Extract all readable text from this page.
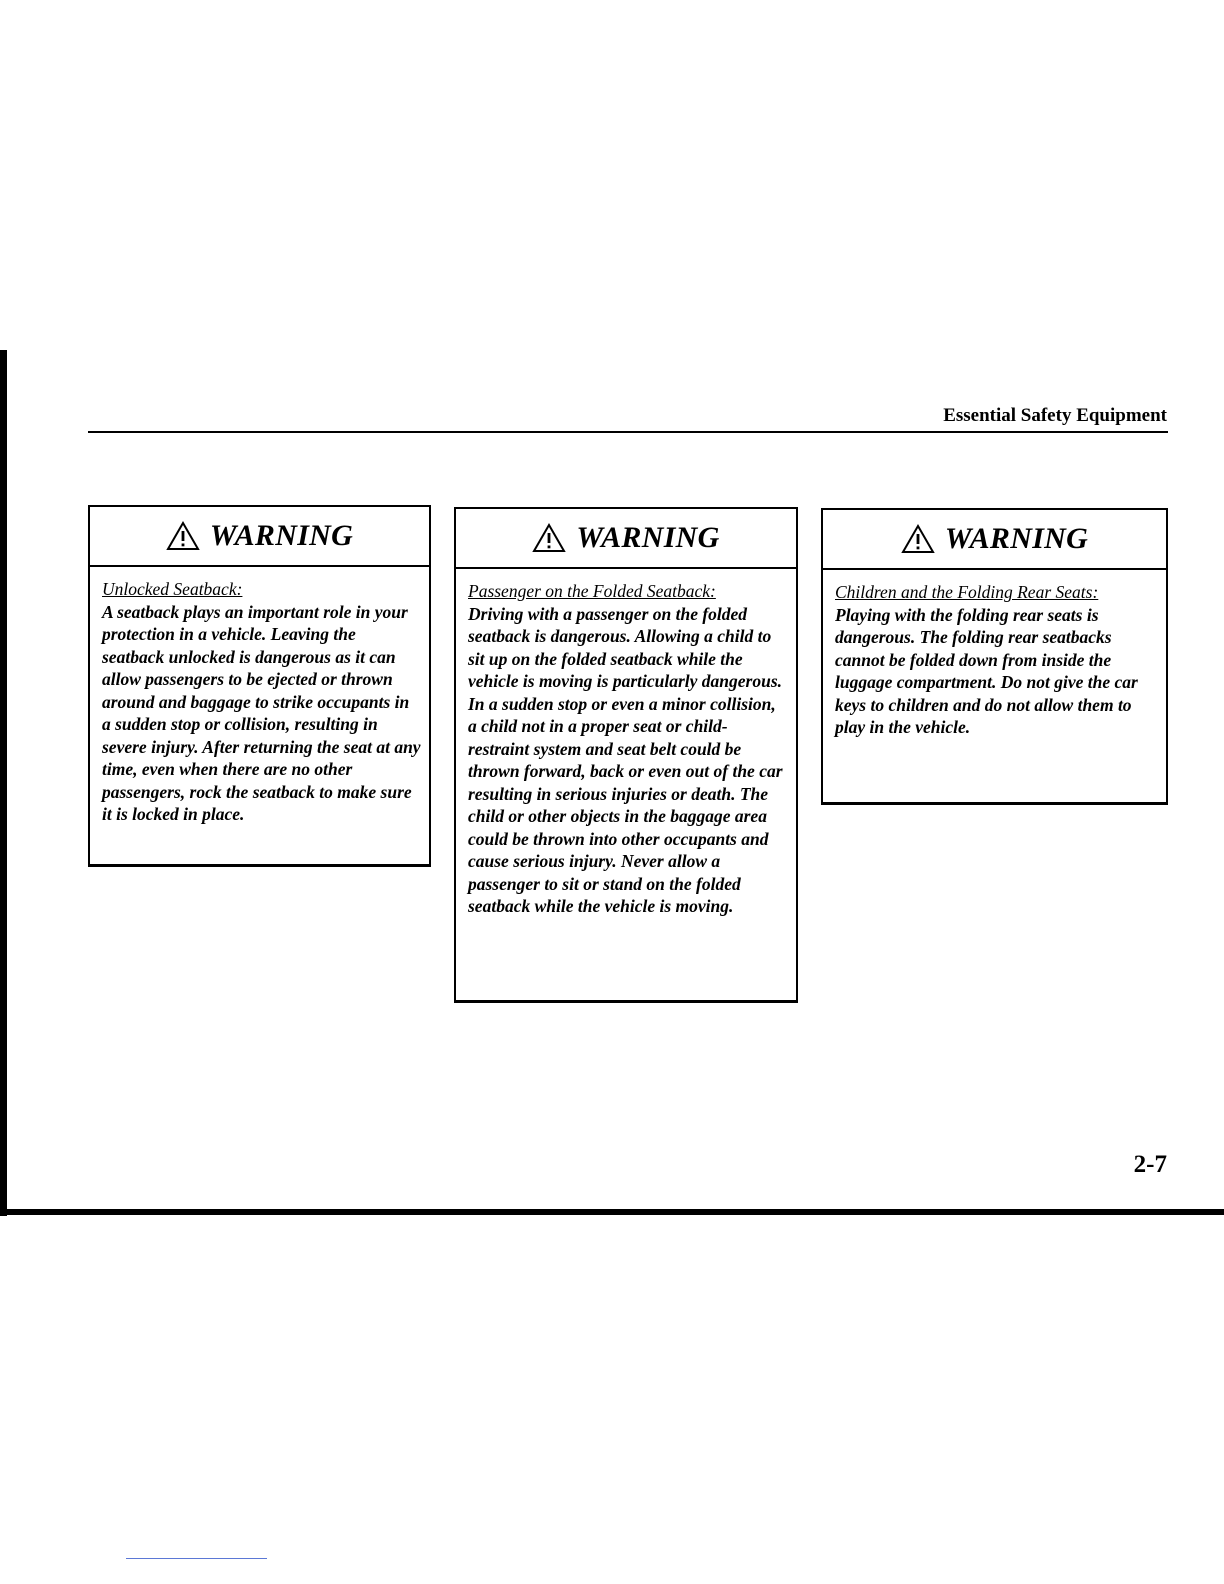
Essential Safety Equipment
WARNING
Unlocked Seatback:
A seatback plays an important role in your protection in a vehicle. Leaving the seatback unlocked is dangerous as it can allow passengers to be ejected or thrown around and baggage to strike occupants in a sudden stop or collision, resulting in severe injury. After returning the seat at any time, even when there are no other passengers, rock the seatback to make sure it is locked in place.
WARNING
Passenger on the Folded Seatback:
Driving with a passenger on the folded seatback is dangerous. Allowing a child to sit up on the folded seatback while the vehicle is moving is particularly dangerous. In a sudden stop or even a minor collision, a child not in a proper seat or child-restraint system and seat belt could be thrown forward, back or even out of the car resulting in serious injuries or death. The child or other objects in the baggage area could be thrown into other occupants and cause serious injury. Never allow a passenger to sit or stand on the folded seatback while the vehicle is moving.
WARNING
Children and the Folding Rear Seats:
Playing with the folding rear seats is dangerous. The folding rear seatbacks cannot be folded down from inside the luggage compartment. Do not give the car keys to children and do not allow them to play in the vehicle.
2-7
